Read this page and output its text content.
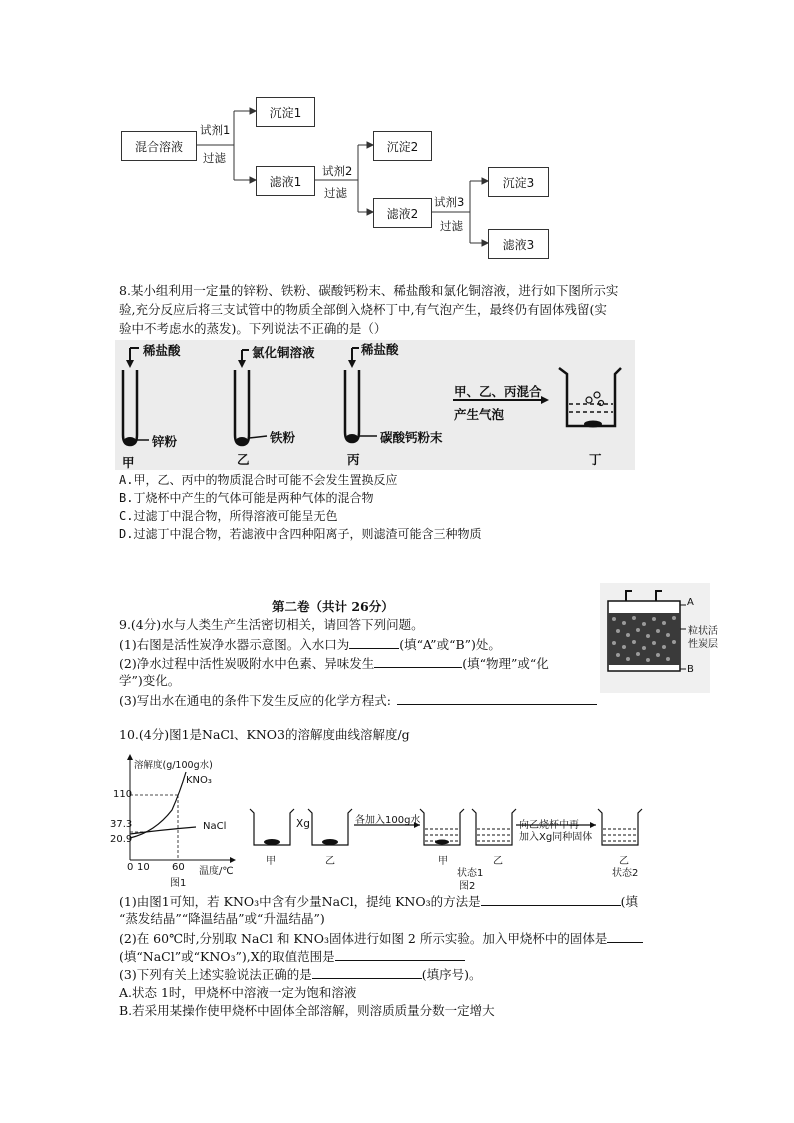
混合溶液
试剂1
过滤
沉淀1
滤液1
试剂2
过滤
沉淀2
滤液2
试剂3
过滤
沉淀3
滤液3
8.某小组利用一定量的锌粉、铁粉、碳酸钙粉末、稀盐酸和氯化铜溶液，进行如下图所示实
验,充分反应后将三支试管中的物质全部倒入烧杯丁中,有气泡产生，最终仍有固体残留(实
验中不考虑水的蒸发)。下列说法不正确的是（）
稀盐酸
锌粉
甲
氯化铜溶液
铁粉
乙
稀盐酸
碳酸钙粉末
丙
甲、乙、丙混合
产生气泡
丁
A.甲，乙、丙中的物质混合时可能不会发生置换反应
B.丁烧杯中产生的气体可能是两种气体的混合物
C.过滤丁中混合物，所得溶液可能呈无色
D.过滤丁中混合物，若滤液中含四种阳离子，则滤渣可能含三种物质
第二卷（共计 26分）
9.(4分)水与人类生产生活密切相关，请回答下列问题。
(1)右图是活性炭净水器示意图。入水口为	(填“A”或“B”)处。
(2)净水过程中活性炭吸附水中色素、异味发生	(填“物理”或“化
学”)变化。
(3)写出水在通电的条件下发生反应的化学方程式:
A
粒状活
性炭层
B
10.(4分)图1是NaCl、KNO3的溶解度曲线溶解度/g
溶解度(g/100g水)
KNO₃
NaCl
110
37.3
20.9
0 10 60 温度/℃
图1
Xg
甲	乙
各加入100g水
甲	乙
状态1
向乙烧杯中再
加入Xg同种固体
乙
状态2
图2
(1)由图1可知，若 KNO₃中含有少量NaCl，提纯 KNO₃的方法是	(填
“蒸发结晶”“降温结晶”或“升温结晶”)
(2)在 60℃时,分别取 NaCl 和 KNO₃固体进行如图 2 所示实验。加入甲烧杯中的固体是
(填“NaCl”或“KNO₃”),X的取值范围是
(3)下列有关上述实验说法正确的是	(填序号)。
A.状态 1时，甲烧杯中溶液一定为饱和溶液
B.若采用某操作使甲烧杯中固体全部溶解，则溶质质量分数一定增大
